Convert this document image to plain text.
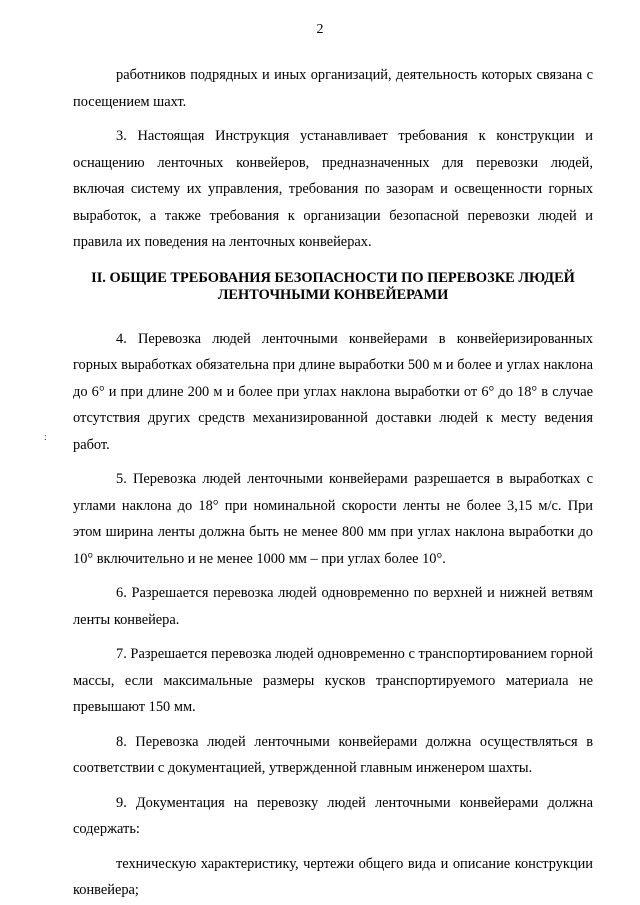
2
:

работников подрядных и иных организаций, деятельность которых связана с посещением шахт.

3. Настоящая Инструкция устанавливает требования к конструкции и оснащению ленточных конвейеров, предназначенных для перевозки людей, включая систему их управления, требования по зазорам и освещенности горных выработок, а также требования к организации безопасной перевозки людей и правила их поведения на ленточных конвейерах.

II. ОБЩИЕ ТРЕБОВАНИЯ БЕЗОПАСНОСТИ ПО ПЕРЕВОЗКЕ ЛЮДЕЙ ЛЕНТОЧНЫМИ КОНВЕЙЕРАМИ

4. Перевозка людей ленточными конвейерами в конвейеризированных горных выработках обязательна при длине выработки 500 м и более и углах наклона до 6° и при длине 200 м и более при углах наклона выработки от 6° до 18° в случае отсутствия других средств механизированной доставки людей к месту ведения работ.

5. Перевозка людей ленточными конвейерами разрешается в выработках с углами наклона до 18° при номинальной скорости ленты не более 3,15 м/с. При этом ширина ленты должна быть не менее 800 мм при углах наклона выработки до 10° включительно и не менее 1000 мм – при углах более 10°.

6. Разрешается перевозка людей одновременно по верхней и нижней ветвям ленты конвейера.

7. Разрешается перевозка людей одновременно с транспортированием горной массы, если максимальные размеры кусков транспортируемого материала не превышают 150 мм.

8. Перевозка людей ленточными конвейерами должна осуществляться в соответствии с документацией, утвержденной главным инженером шахты.

9. Документация на перевозку людей ленточными конвейерами должна содержать:

техническую характеристику, чертежи общего вида и описание конструкции конвейера;
